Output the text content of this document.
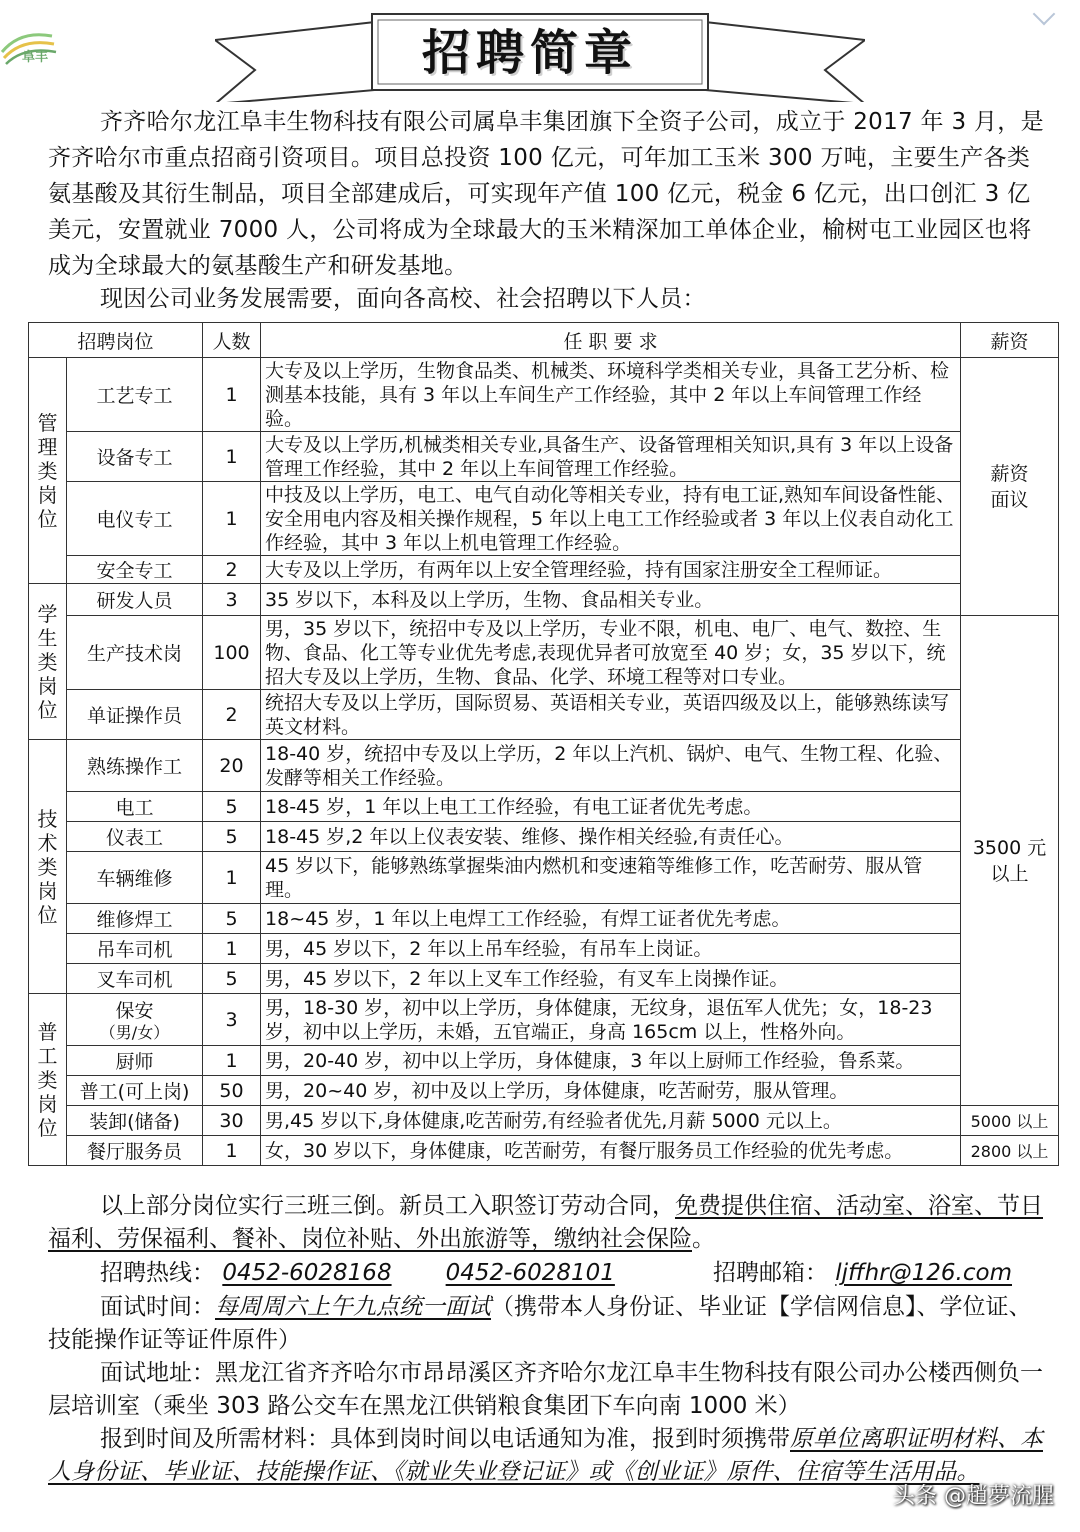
阜丰	招聘简章
齐齐哈尔龙江阜丰生物科技有限公司属阜丰集团旗下全资子公司，成立于 2017 年 3 月，是齐齐哈尔市重点招商引资项目。项目总投资 100 亿元，可年加工玉米 300 万吨，主要生产各类氨基酸及其衍生制品，项目全部建成后，可实现年产值 100 亿元，税金 6 亿元，出口创汇 3 亿美元，安置就业 7000 人，公司将成为全球最大的玉米精深加工单体企业，榆树屯工业园区也将成为全球最大的氨基酸生产和研发基地。
现因公司业务发展需要，面向各高校、社会招聘以下人员：
招聘岗位		人数	任 职 要 求	薪资

管理类岗位	工艺专工	1	大专及以上学历，生物食品类、机械类、环境科学类相关专业，具备工艺分析、检测基本技能，具有 3 年以上车间生产工作经验，其中 2 年以上车间管理工作经验。	薪资面议
	设备专工	1	大专及以上学历,机械类相关专业,具备生产、设备管理相关知识,具有 3 年以上设备管理工作经验，其中 2 年以上车间管理工作经验。	
	电仪专工	1	中技及以上学历，电工、电气自动化等相关专业，持有电工证,熟知车间设备性能、安全用电内容及相关操作规程，5 年以上电工工作经验或者 3 年以上仪表自动化工作经验，其中 3 年以上机电管理工作经验。	
	安全专工	2	大专及以上学历，有两年以上安全管理经验，持有国家注册安全工程师证。	

学生类岗位	研发人员	3	35 岁以下，本科及以上学历，生物、食品相关专业。	
	生产技术岗	100	男，35 岁以下，统招中专及以上学历，专业不限，机电、电厂、电气、数控、生物、食品、化工等专业优先考虑,表现优异者可放宽至 40 岁；女，35 岁以下，统招大专及以上学历，生物、食品、化学、环境工程等对口专业。	3500 元以上
	单证操作员	2	统招大专及以上学历，国际贸易、英语相关专业，英语四级及以上，能够熟练读写英文材料。	

技术类岗位	熟练操作工	20	18-40 岁，统招中专及以上学历，2 年以上汽机、锅炉、电气、生物工程、化验、发酵等相关工作经验。	
	电工	5	18-45 岁，1 年以上电工工作经验，有电工证者优先考虑。	
	仪表工	5	18-45 岁,2 年以上仪表安装、维修、操作相关经验,有责任心。	
	车辆维修	1	45 岁以下，能够熟练掌握柴油内燃机和变速箱等维修工作，吃苦耐劳、服从管理。	
	维修焊工	5	18~45 岁，1 年以上电焊工工作经验，有焊工证者优先考虑。	
	吊车司机	1	男，45 岁以下，2 年以上吊车经验，有吊车上岗证。	
	叉车司机	5	男，45 岁以下，2 年以上叉车工作经验，有叉车上岗操作证。	

普工类岗位	保安
（男/女）	3	男，18-30 岁，初中以上学历，身体健康，无纹身，退伍军人优先；女，18-23 岁，初中以上学历，未婚，五官端正，身高 165cm 以上，性格外向。	
	厨师	1	男，20-40 岁，初中以上学历，身体健康，3 年以上厨师工作经验，鲁系菜。	
	普工(可上岗)	50	男，20~40 岁，初中及以上学历，身体健康，吃苦耐劳，服从管理。	
	装卸(储备)	30	男,45 岁以下,身体健康,吃苦耐劳,有经验者优先,月薪 5000 元以上。	5000 以上
	餐厅服务员	1	女，30 岁以下，身体健康，吃苦耐劳，有餐厅服务员工作经验的优先考虑。	2800 以上
以上部分岗位实行三班三倒。新员工入职签订劳动合同，免费提供住宿、活动室、浴室、节日福利、劳保福利、餐补、岗位补贴、外出旅游等，缴纳社会保险。
招聘热线： 0452-6028168 0452-6028101	招聘邮箱： ljffhr@126.com
面试时间：每周周六上午九点统一面试（携带本人身份证、毕业证【学信网信息】、学位证、技能操作证等证件原件）
面试地址：黑龙江省齐齐哈尔市昂昂溪区齐齐哈尔龙江阜丰生物科技有限公司办公楼西侧负一层培训室（乘坐 303 路公交车在黑龙江供销粮食集团下车向南 1000 米）
报到时间及所需材料：具体到岗时间以电话通知为准，报到时须携带原单位离职证明材料、本人身份证、毕业证、技能操作证、《就业失业登记证》或《创业证》原件、住宿等生活用品。
头条 @趙夢流腥
